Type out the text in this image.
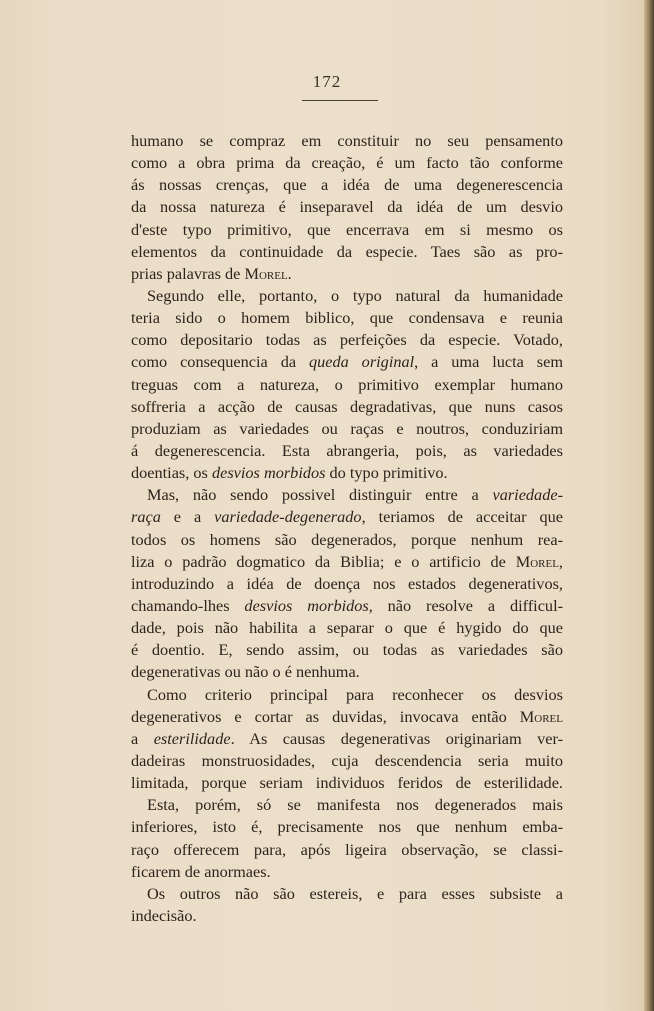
172
humano se compraz em constituir no seu pensamento
como a obra prima da creação, é um facto tão conforme
ás nossas crenças, que a idéa de uma degenerescencia
da nossa natureza é inseparavel da idéa de um desvio
d'este typo primitivo, que encerrava em si mesmo os
elementos da continuidade da especie. Taes são as pro-
prias palavras de Morel.
Segundo elle, portanto, o typo natural da humanidade
teria sido o homem biblico, que condensava e reunia
como depositario todas as perfeições da especie. Votado,
como consequencia da queda original, a uma lucta sem
treguas com a natureza, o primitivo exemplar humano
soffreria a acção de causas degradativas, que nuns casos
produziam as variedades ou raças e noutros, conduziriam
á degenerescencia. Esta abrangeria, pois, as variedades
doentias, os desvios morbidos do typo primitivo.
Mas, não sendo possivel distinguir entre a variedade-
raça e a variedade-degenerado, teriamos de acceitar que
todos os homens são degenerados, porque nenhum rea-
liza o padrão dogmatico da Biblia; e o artificio de Morel,
introduzindo a idéa de doença nos estados degenerativos,
chamando-lhes desvios morbidos, não resolve a difficul-
dade, pois não habilita a separar o que é hygido do que
é doentio. E, sendo assim, ou todas as variedades são
degenerativas ou não o é nenhuma.
Como criterio principal para reconhecer os desvios
degenerativos e cortar as duvidas, invocava então Morel
a esterilidade. As causas degenerativas originariam ver-
dadeiras monstruosidades, cuja descendencia seria muito
limitada, porque seriam individuos feridos de esterilidade.
Esta, porém, só se manifesta nos degenerados mais
inferiores, isto é, precisamente nos que nenhum emba-
raço offerecem para, após ligeira observação, se classi-
ficarem de anormaes.
Os outros não são estereis, e para esses subsiste a
indecisão.
